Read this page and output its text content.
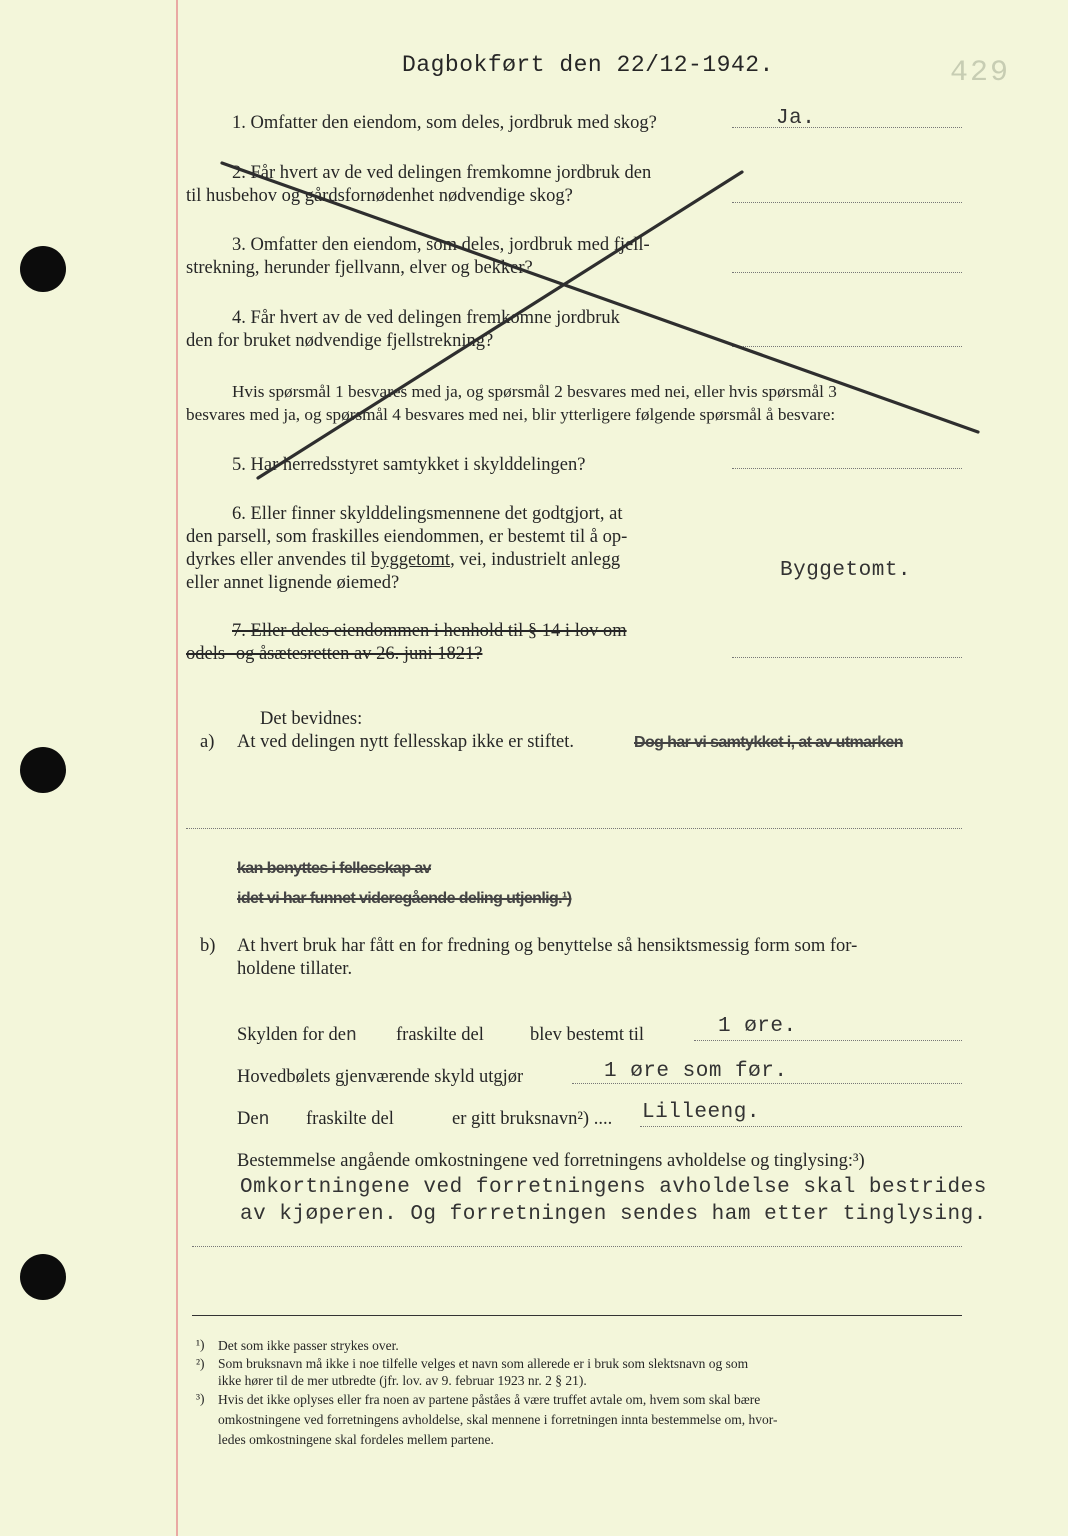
Dagbokført den 22/12-1942.	429
1. Omfatter den eiendom, som deles, jordbruk med skog?	Ja.
2. Får hvert av de ved delingen fremkomne jordbruk den
til husbehov og gårdsfornødenhet nødvendige skog?
3. Omfatter den eiendom, som deles, jordbruk med fjell-
strekning, herunder fjellvann, elver og bekker?
4. Får hvert av de ved delingen fremkomne jordbruk
den for bruket nødvendige fjellstrekning?
Hvis spørsmål 1 besvares med ja, og spørsmål 2 besvares med nei, eller hvis spørsmål 3
besvares med ja, og spørsmål 4 besvares med nei, blir ytterligere følgende spørsmål å besvare:
5. Har herredsstyret samtykket i skylddelingen?
6. Eller finner skylddelingsmennene det godtgjort, at
den parsell, som fraskilles eiendommen, er bestemt til å op-
dyrkes eller anvendes til byggetomt, vei, industrielt anlegg
eller annet lignende øiemed?
Byggetomt.
7. Eller deles eiendommen i henhold til § 14 i lov om
odels- og åsætesretten av 26. juni 1821?
Det bevidnes:
a) At ved delingen nytt fellesskap ikke er stiftet.	Dog har vi samtykket i, at av utmarken
kan benyttes i fellesskap av
idet vi har funnet videregående deling utjenlig.¹)
b) At hvert bruk har fått en for fredning og benyttelse så hensiktsmessig form som for-
holdene tillater.
Skylden for den fraskilte del blev bestemt til	1 øre.
Hovedbølets gjenværende skyld utgjør	1 øre som før.
Den fraskilte del	er gitt bruksnavn²) .... Lilleeng.
Bestemmelse angående omkostningene ved forretningens avholdelse og tinglysing:³)
Omkortningene ved forretningens avholdelse skal bestrides
av kjøperen. Og forretningen sendes ham etter tinglysing.
¹) Det som ikke passer strykes over.
²) Som bruksnavn må ikke i noe tilfelle velges et navn som allerede er i bruk som slektsnavn og som
ikke hører til de mer utbredte (jfr. lov. av 9. februar 1923 nr. 2 § 21).
³) Hvis det ikke oplyses eller fra noen av partene påståes å være truffet avtale om, hvem som skal bære
omkostningene ved forretningens avholdelse, skal mennene i forretningen innta bestemmelse om, hvor-
ledes omkostningene skal fordeles mellem partene.
